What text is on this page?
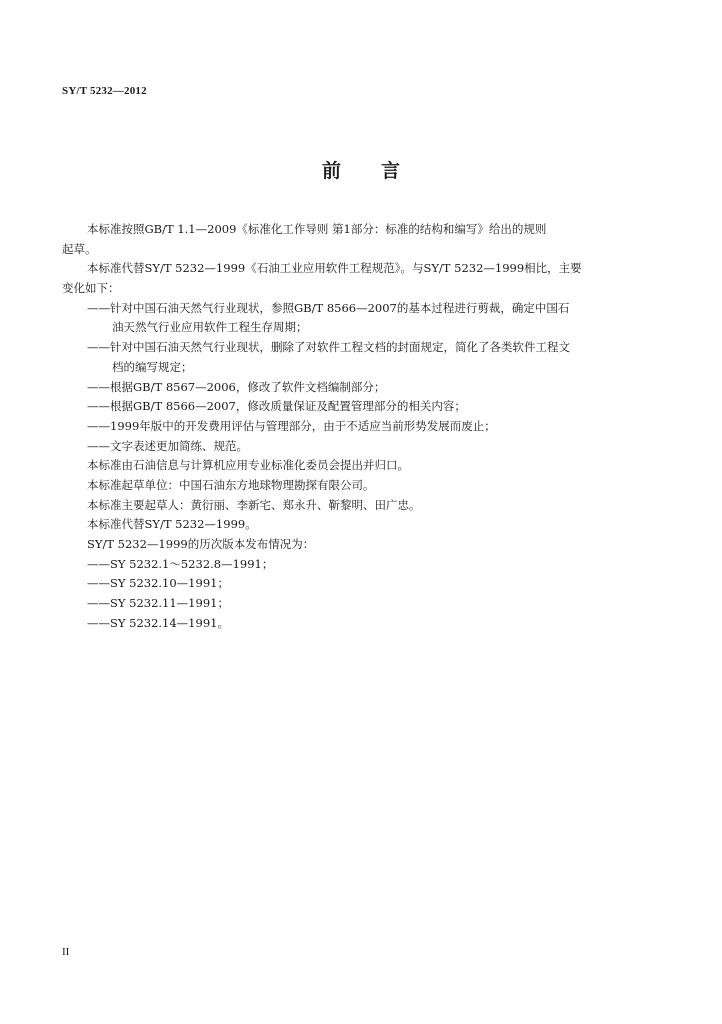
SY/T 5232—2012
前 言
本标准按照GB/T 1.1—2009《标准化工作导则 第1部分：标准的结构和编写》给出的规则
起草。
本标准代替SY/T 5232—1999《石油工业应用软件工程规范》。与SY/T 5232—1999相比，主要
变化如下：
——针对中国石油天然气行业现状，参照GB/T 8566—2007的基本过程进行剪裁，确定中国石
油天然气行业应用软件工程生存周期；
——针对中国石油天然气行业现状，删除了对软件工程文档的封面规定，简化了各类软件工程文
档的编写规定；
——根据GB/T 8567—2006，修改了软件文档编制部分；
——根据GB/T 8566—2007，修改质量保证及配置管理部分的相关内容；
——1999年版中的开发费用评估与管理部分，由于不适应当前形势发展而废止；
——文字表述更加简练、规范。
本标准由石油信息与计算机应用专业标准化委员会提出并归口。
本标准起草单位：中国石油东方地球物理勘探有限公司。
本标准主要起草人：黄衍丽、李新宅、郑永升、靳黎明、田广忠。
本标准代替SY/T 5232—1999。
SY/T 5232—1999的历次版本发布情况为：
——SY 5232.1～5232.8—1991；
——SY 5232.10—1991；
——SY 5232.11—1991；
——SY 5232.14—1991。
II
